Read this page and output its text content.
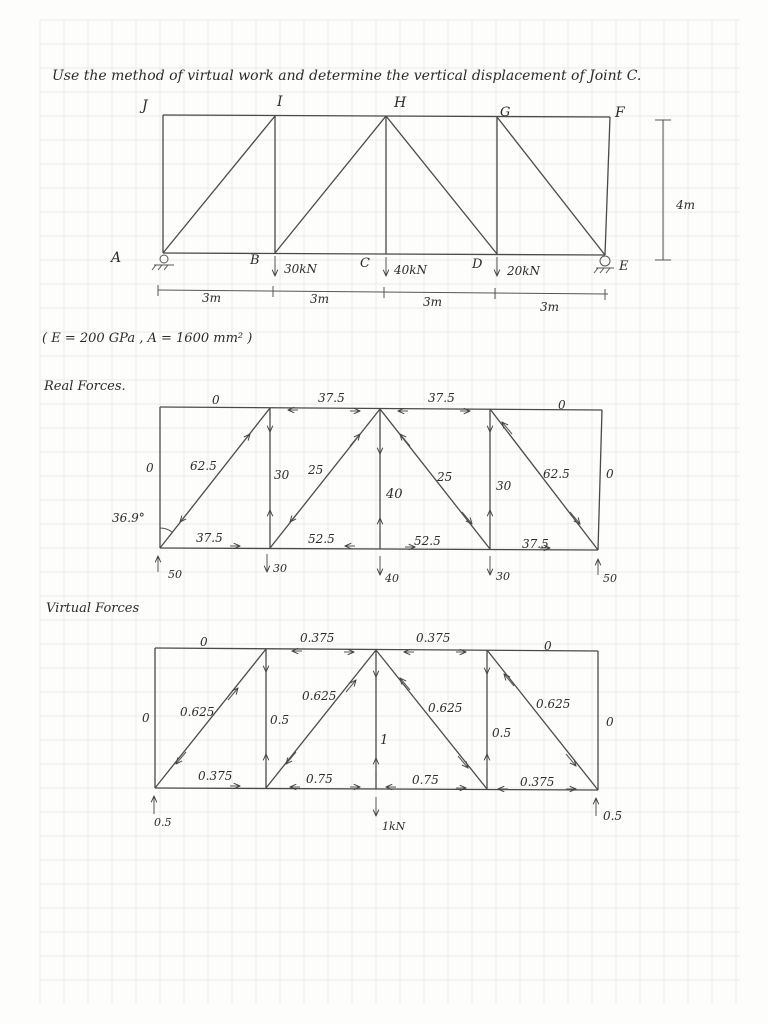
Use the method of virtual work and determine the vertical displacement of Joint C.
J	I	H
G	F
A	B	C	D	E
30kN	40kN	20kN
4m
3m	3m	3m	3m
( E = 200 GPa , A = 1600 mm² )
Real Forces.
0	37.5	37.5	0
0	0
62.5
30 25
40
25
30
62.5
37.5	52.5	52.5	37.5
36.9°
50	30
40	30	50
Virtual Forces
0	0.375	0.375
0
0	0
0.625
0.5
0.625
1
0.625
0.5
0.625
0.375	0.75	0.75	0.375
0.5	0.5
1kN
